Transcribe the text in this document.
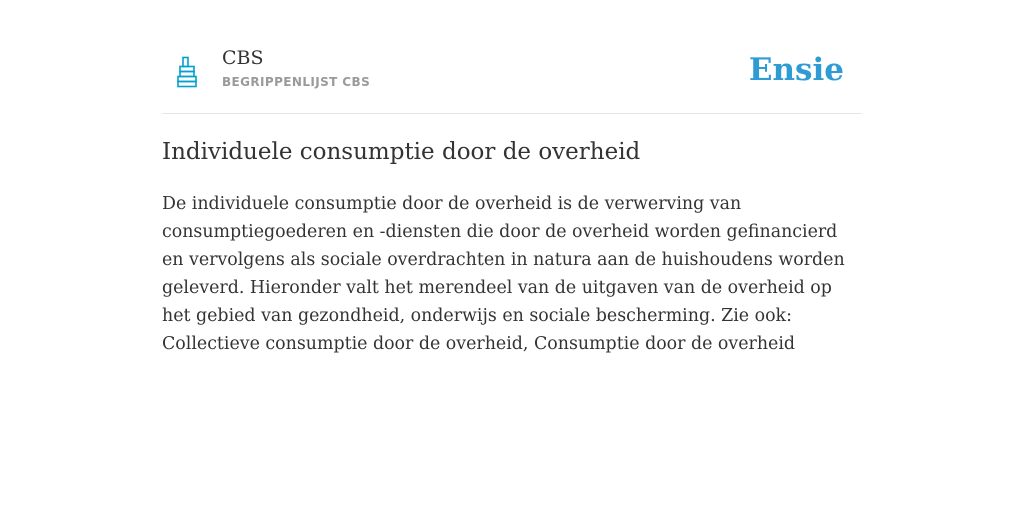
CBS
BEGRIPPENLIJST CBS	Ensie
Individuele consumptie door de overheid

De individuele consumptie door de overheid is de verwerving van consumptiegoederen en -diensten die door de overheid worden gefinancierd en vervolgens als sociale overdrachten in natura aan de huishoudens worden geleverd. Hieronder valt het merendeel van de uitgaven van de overheid op het gebied van gezondheid, onderwijs en sociale bescherming. Zie ook: Collectieve consumptie door de overheid, Consumptie door de overheid
